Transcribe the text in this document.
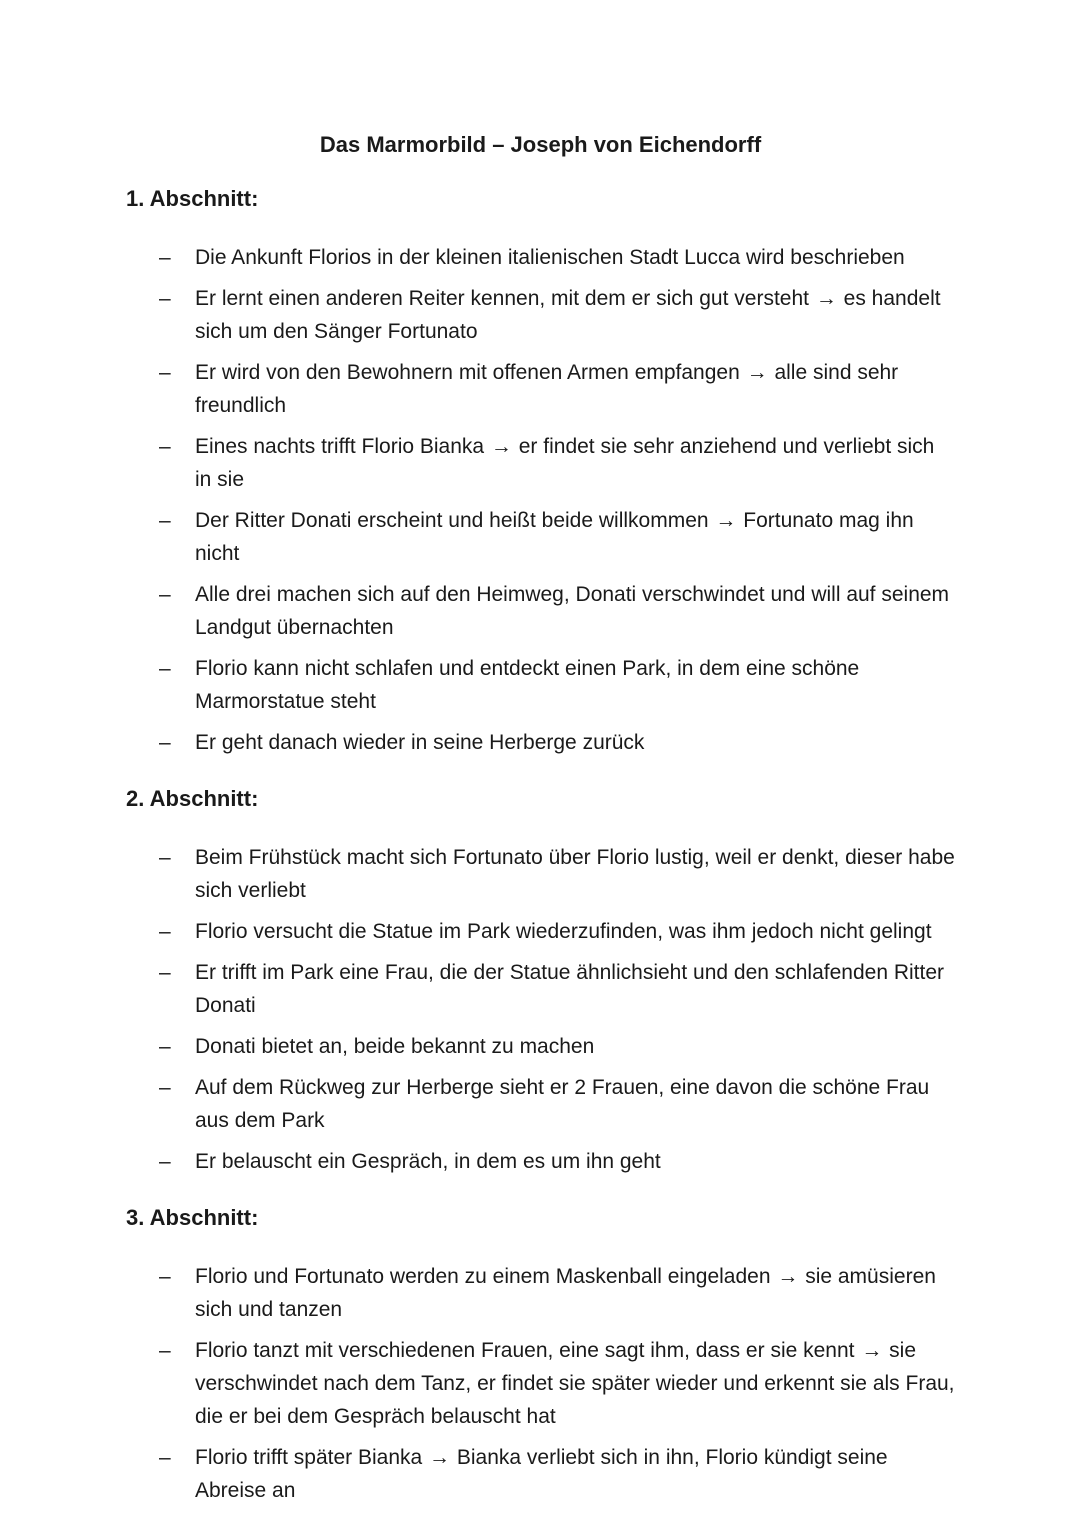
Das Marmorbild – Joseph von Eichendorff
1. Abschnitt:
– Die Ankunft Florios in der kleinen italienischen Stadt Lucca wird beschrieben
– Er lernt einen anderen Reiter kennen, mit dem er sich gut versteht → es handelt sich um den Sänger Fortunato
– Er wird von den Bewohnern mit offenen Armen empfangen → alle sind sehr freundlich
– Eines nachts trifft Florio Bianka → er findet sie sehr anziehend und verliebt sich in sie
– Der Ritter Donati erscheint und heißt beide willkommen → Fortunato mag ihn nicht
– Alle drei machen sich auf den Heimweg, Donati verschwindet und will auf seinem Landgut übernachten
– Florio kann nicht schlafen und entdeckt einen Park, in dem eine schöne Marmorstatue steht
– Er geht danach wieder in seine Herberge zurück
2. Abschnitt:
– Beim Frühstück macht sich Fortunato über Florio lustig, weil er denkt, dieser habe sich verliebt
– Florio versucht die Statue im Park wiederzufinden, was ihm jedoch nicht gelingt
– Er trifft im Park eine Frau, die der Statue ähnlichsieht und den schlafenden Ritter Donati
– Donati bietet an, beide bekannt zu machen
– Auf dem Rückweg zur Herberge sieht er 2 Frauen, eine davon die schöne Frau aus dem Park
– Er belauscht ein Gespräch, in dem es um ihn geht
3. Abschnitt:
– Florio und Fortunato werden zu einem Maskenball eingeladen → sie amüsieren sich und tanzen
– Florio tanzt mit verschiedenen Frauen, eine sagt ihm, dass er sie kennt → sie verschwindet nach dem Tanz, er findet sie später wieder und erkennt sie als Frau, die er bei dem Gespräch belauscht hat
– Florio trifft später Bianka → Bianka verliebt sich in ihn, Florio kündigt seine Abreise an
